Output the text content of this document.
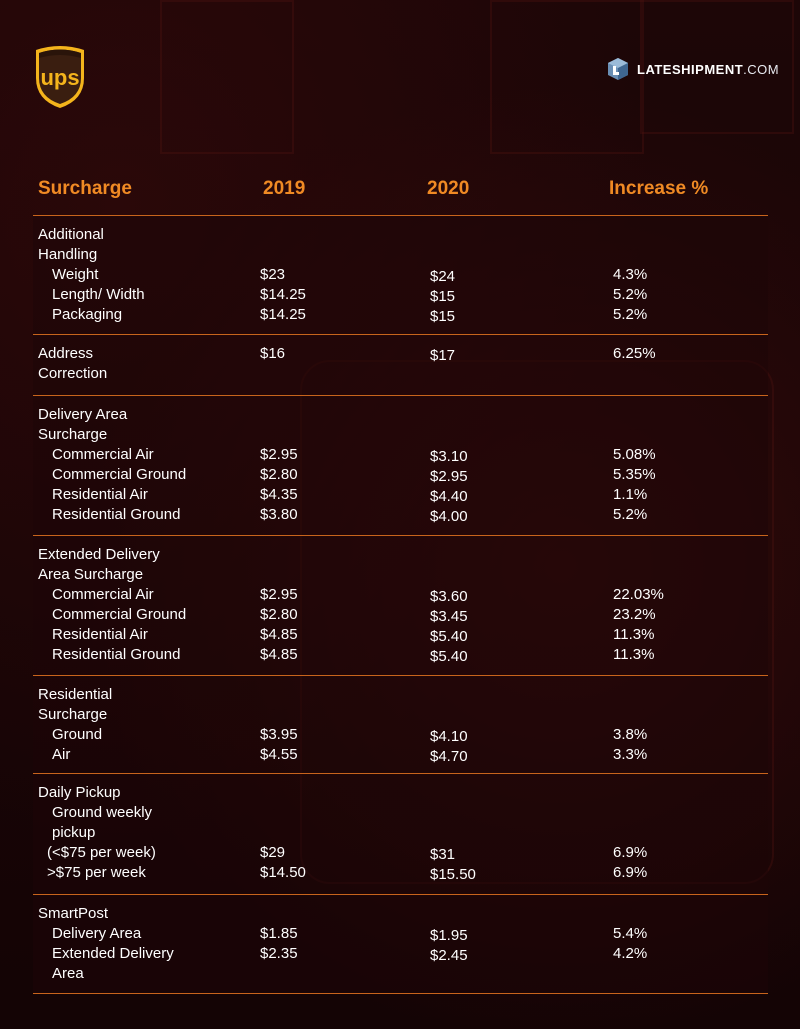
ups	LATESHIPMENT.COM
Surcharge	2019	2020	Increase %
Additional
Handling
Weight	$23	$24	4.3%
Length/ Width	$14.25	$15	5.2%
Packaging	$14.25	$15	5.2%
Address
Correction
$16	$17	6.25%
Delivery Area
Surcharge
Commercial Air	$2.95	$3.10	5.08%
Commercial Ground	$2.80	$2.95	5.35%
Residential Air	$4.35	$4.40	1.1%
Residential Ground	$3.80	$4.00	5.2%
Extended Delivery
Area Surcharge
Commercial Air	$2.95	$3.60	22.03%
Commercial Ground	$2.80	$3.45	23.2%
Residential Air	$4.85	$5.40	11.3%
Residential Ground	$4.85	$5.40	11.3%
Residential
Surcharge
Ground	$3.95	$4.10	3.8%
Air	$4.55	$4.70	3.3%
Daily Pickup
Ground weekly
pickup
(<$75 per week)	$29	$31	6.9%
>$75 per week	$14.50	$15.50	6.9%
SmartPost
Delivery Area	$1.85	$1.95	5.4%
Extended Delivery	$2.35	$2.45	4.2%
Area
